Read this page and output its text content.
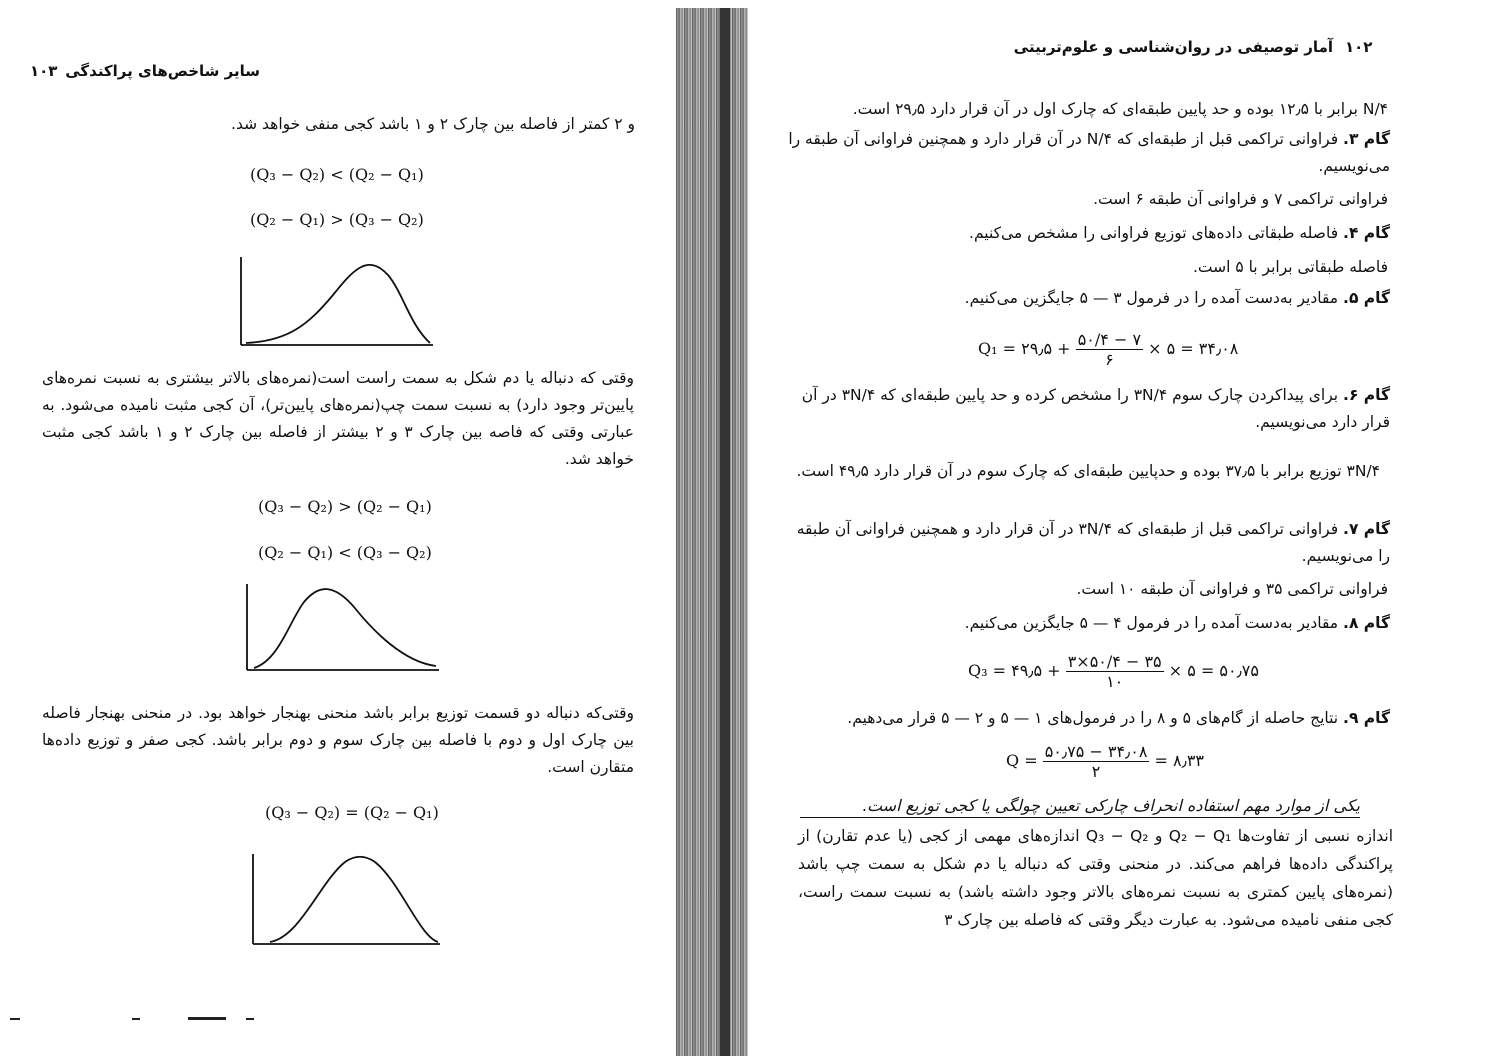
سایر شاخص‌های پراکندگی
۱۰۳
و ۲ کمتر از فاصله بین چارک ۲ و ۱ باشد کجی منفی خواهد شد.
(Q₃ − Q₂) < (Q₂ − Q₁)
(Q₂ − Q₁) > (Q₃ − Q₂)
وقتی که دنباله یا دم شکل به سمت راست است(نمره‌های بالاتر بیشتری به نسبت نمره‌های پایین‌تر وجود دارد) به نسبت سمت چپ(نمره‌های پایین‌تر)، آن کجی مثبت نامیده می‌شود. به عبارتی وقتی که فاصه بین چارک ۳ و ۲ بیشتر از فاصله بین چارک ۲ و ۱ باشد کجی مثبت خواهد شد.
(Q₃ − Q₂) > (Q₂ − Q₁)
(Q₂ − Q₁) < (Q₃ − Q₂)
وقتی‌که دنباله دو قسمت توزیع برابر باشد منحنی بهنجار خواهد بود. در منحنی بهنجار فاصله بین چارک اول و دوم با فاصله بین چارک سوم و دوم برابر باشد. کجی صفر و توزیع داده‌ها متقارن است.
(Q₃ − Q₂) = (Q₂ − Q₁)
۱۰۲
آمار توصیفی در روان‌شناسی و علوم‌تربیتی
N/۴ برابر با ۱۲٫۵ بوده و حد پایین طبقه‌ای که چارک اول در آن قرار دارد ۲۹٫۵ است.
گام ۳. فراوانی تراکمی قبل از طبقه‌ای که N/۴ در آن قرار دارد و همچنین فراوانی آن طبقه را می‌نویسیم.
فراوانی تراکمی ۷ و فراوانی آن طبقه ۶ است.
گام ۴. فاصله طبقاتی داده‌های توزیع فراوانی را مشخص می‌کنیم.
فاصله طبقاتی برابر با ۵ است.
گام ۵. مقادیر به‌دست آمده را در فرمول ۳ — ۵ جایگزین می‌کنیم.
Q₁ = ۲۹٫۵ + $\frac{۵۰/۴ - ۷}{۶}$ × ۵ = ۳۴٫۰۸
گام ۶. برای پیداکردن چارک سوم ۳N/۴ را مشخص کرده و حد پایین طبقه‌ای که ۳N/۴ در آن قرار دارد می‌نویسیم.
۳N/۴ توزیع برابر با ۳۷٫۵ بوده و حدپایین طبقه‌ای که چارک سوم در آن قرار دارد ۴۹٫۵ است.
گام ۷. فراوانی تراکمی قبل از طبقه‌ای که ۳N/۴ در آن قرار دارد و همچنین فراوانی آن طبقه را می‌نویسیم.
فراوانی تراکمی ۳۵ و فراوانی آن طبقه ۱۰ است.
گام ۸. مقادیر به‌دست آمده را در فرمول ۴ — ۵ جایگزین می‌کنیم.
Q₃ = ۴۹٫۵ + $\frac{۳\times ۵۰/۴ - ۳۵}{۱۰}$ × ۵ = ۵۰٫۷۵
گام ۹. نتایج حاصله از گام‌های ۵ و ۸ را در فرمول‌های ۱ — ۵ و ۲ — ۵ قرار می‌دهیم.
$Q = \frac{۵۰٫۷۵ - ۳۴٫۰۸}{۲}$ = ۸٫۳۳
یکی از موارد مهم استفاده انحراف چارکی تعیین چولگی یا کجی توزیع است.
اندازه نسبی از تفاوت‌ها Q₂ − Q₁ و Q₃ − Q₂ اندازه‌های مهمی از کجی (یا عدم تقارن) از پراکندگی داده‌ها فراهم می‌کند. در منحنی وقتی که دنباله یا دم شکل به سمت چپ باشد (نمره‌های پایین کمتری به نسبت نمره‌های بالاتر وجود داشته باشد) به نسبت سمت راست، کجی منفی نامیده می‌شود. به عبارت دیگر وقتی که فاصله بین چارک ۳
